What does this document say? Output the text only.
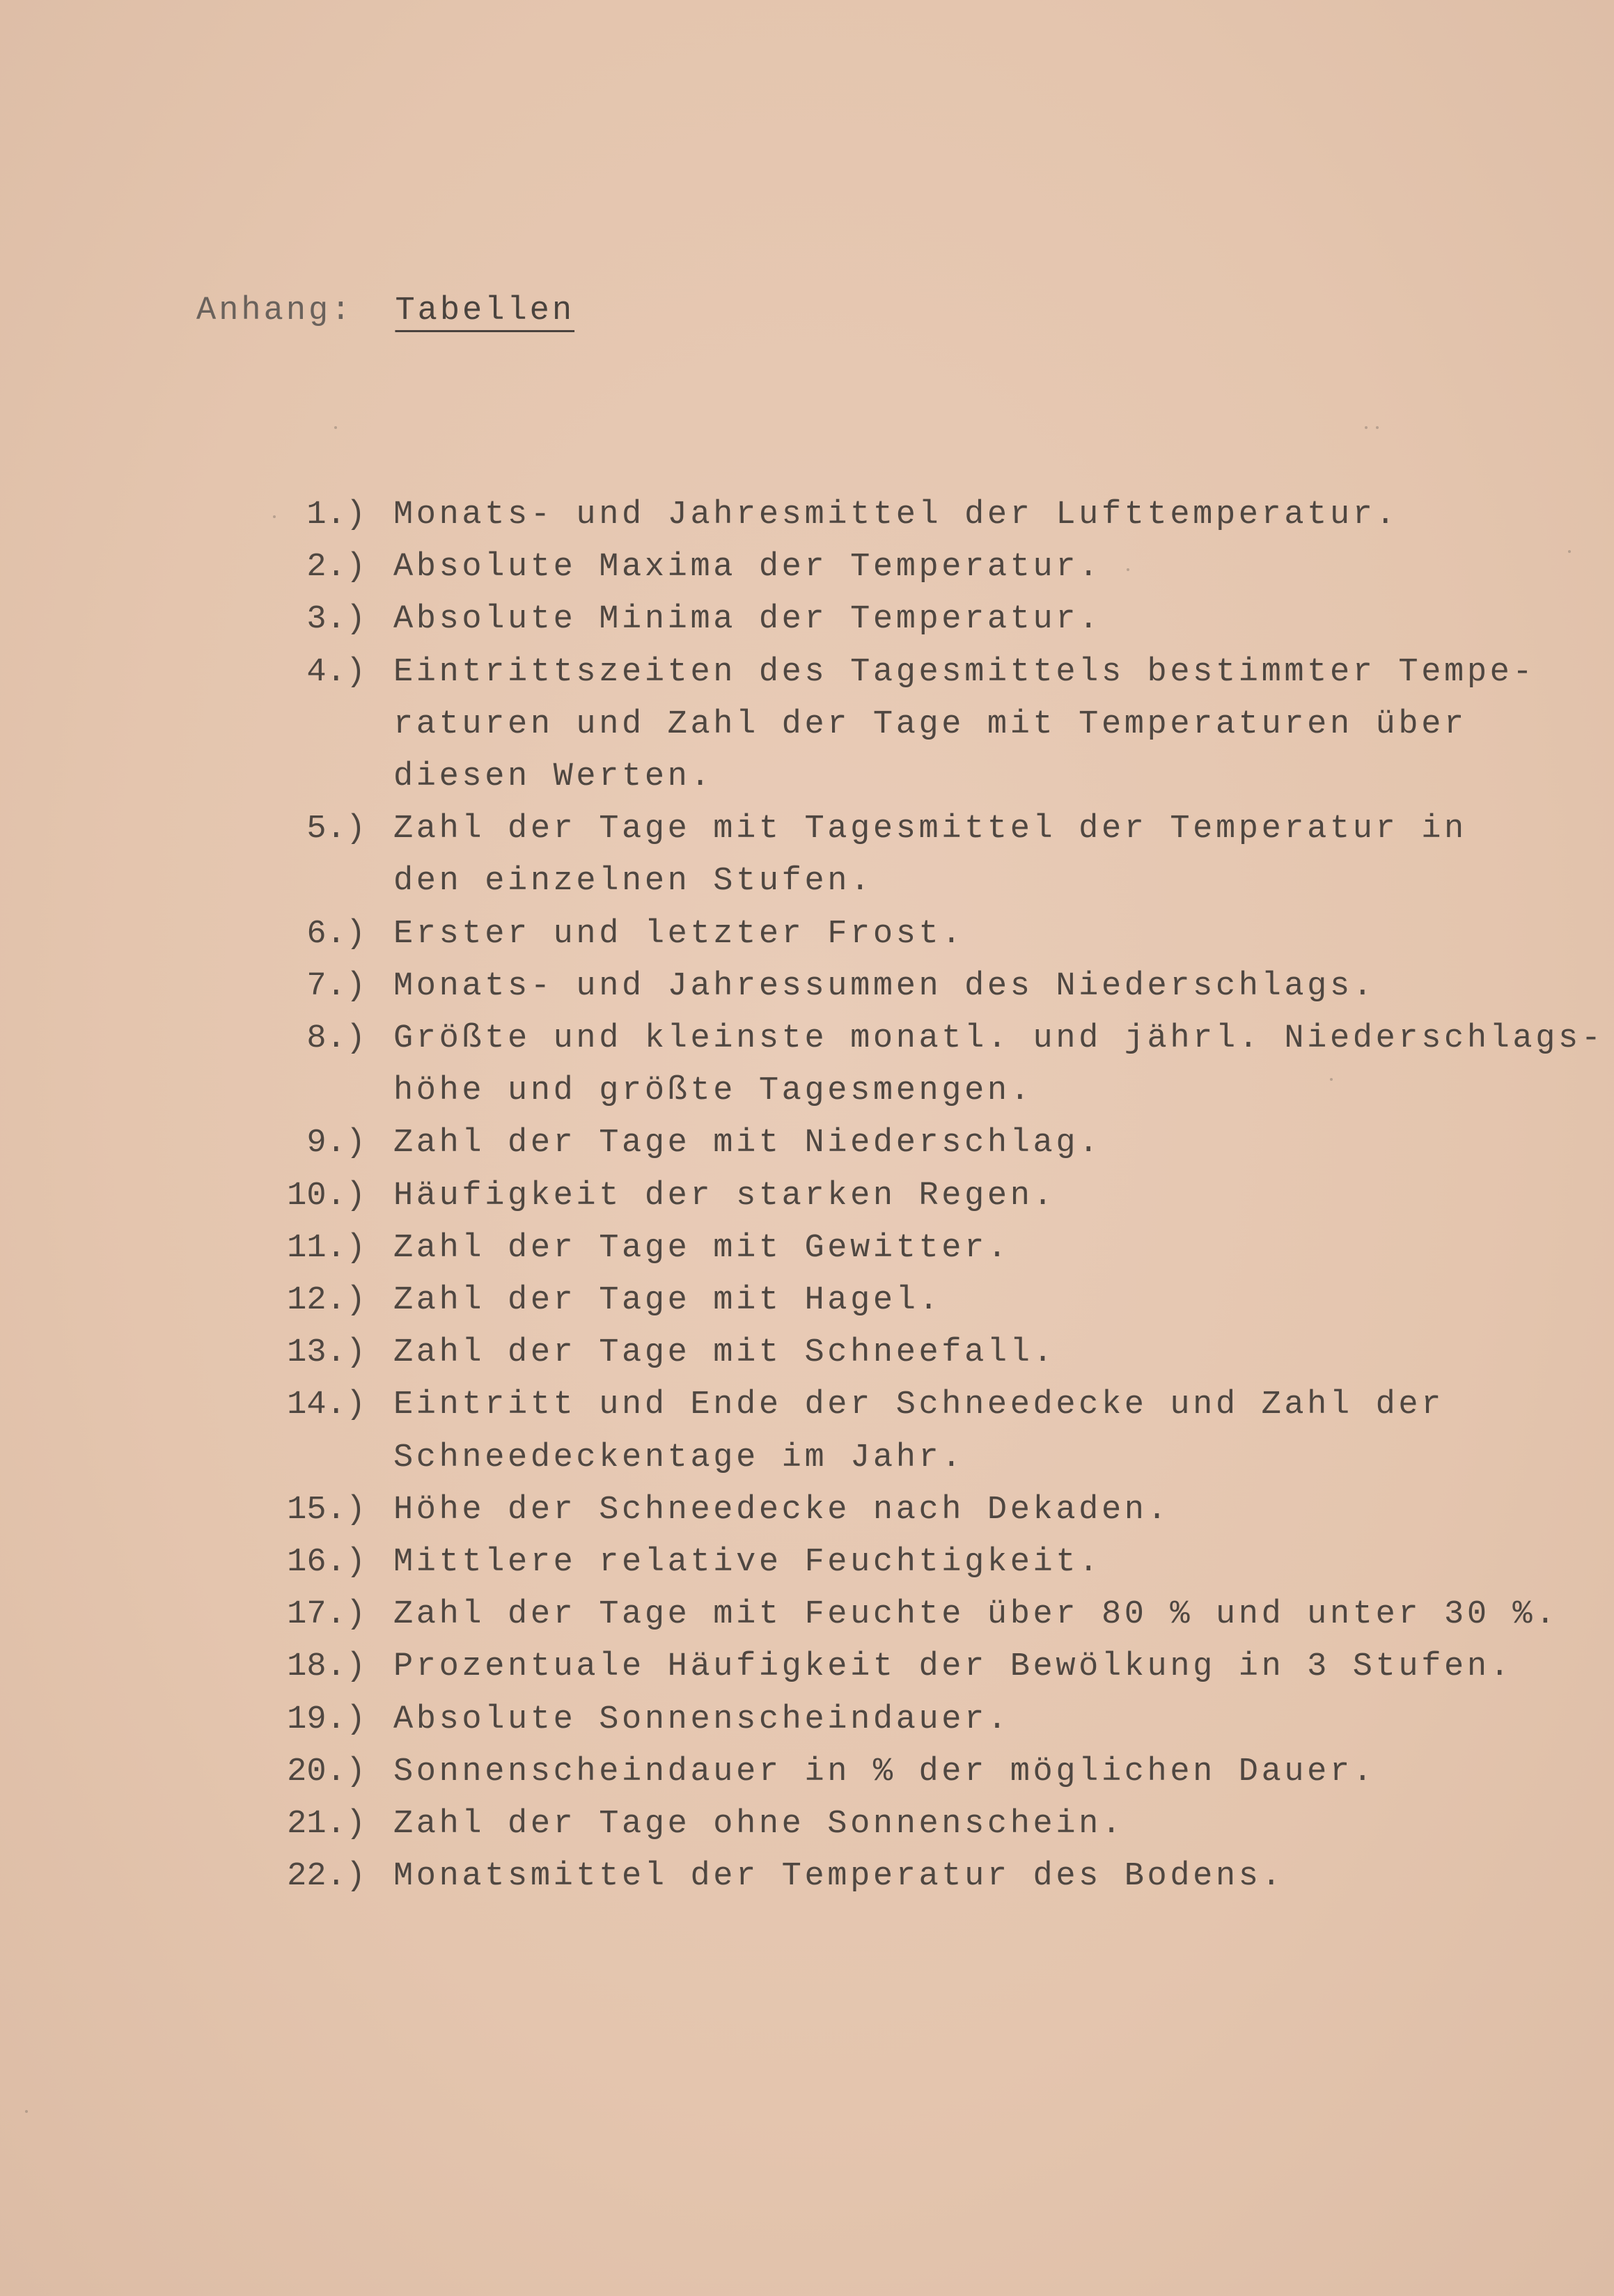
Anhang: Tabellen
1.) Monats- und Jahresmittel der Lufttemperatur.
2.) Absolute Maxima der Temperatur.
3.) Absolute Minima der Temperatur.
4.) Eintrittszeiten des Tagesmittels bestimmter Tempe-
raturen und Zahl der Tage mit Temperaturen über
diesen Werten.
5.) Zahl der Tage mit Tagesmittel der Temperatur in
den einzelnen Stufen.
6.) Erster und letzter Frost.
7.) Monats- und Jahressummen des Niederschlags.
8.) Größte und kleinste monatl. und jährl. Niederschlags-
höhe und größte Tagesmengen.
9.) Zahl der Tage mit Niederschlag.
10.) Häufigkeit der starken Regen.
11.) Zahl der Tage mit Gewitter.
12.) Zahl der Tage mit Hagel.
13.) Zahl der Tage mit Schneefall.
14.) Eintritt und Ende der Schneedecke und Zahl der
Schneedeckentage im Jahr.
15.) Höhe der Schneedecke nach Dekaden.
16.) Mittlere relative Feuchtigkeit.
17.) Zahl der Tage mit Feuchte über 80 % und unter 30 %.
18.) Prozentuale Häufigkeit der Bewölkung in 3 Stufen.
19.) Absolute Sonnenscheindauer.
20.) Sonnenscheindauer in % der möglichen Dauer.
21.) Zahl der Tage ohne Sonnenschein.
22.) Monatsmittel der Temperatur des Bodens.
